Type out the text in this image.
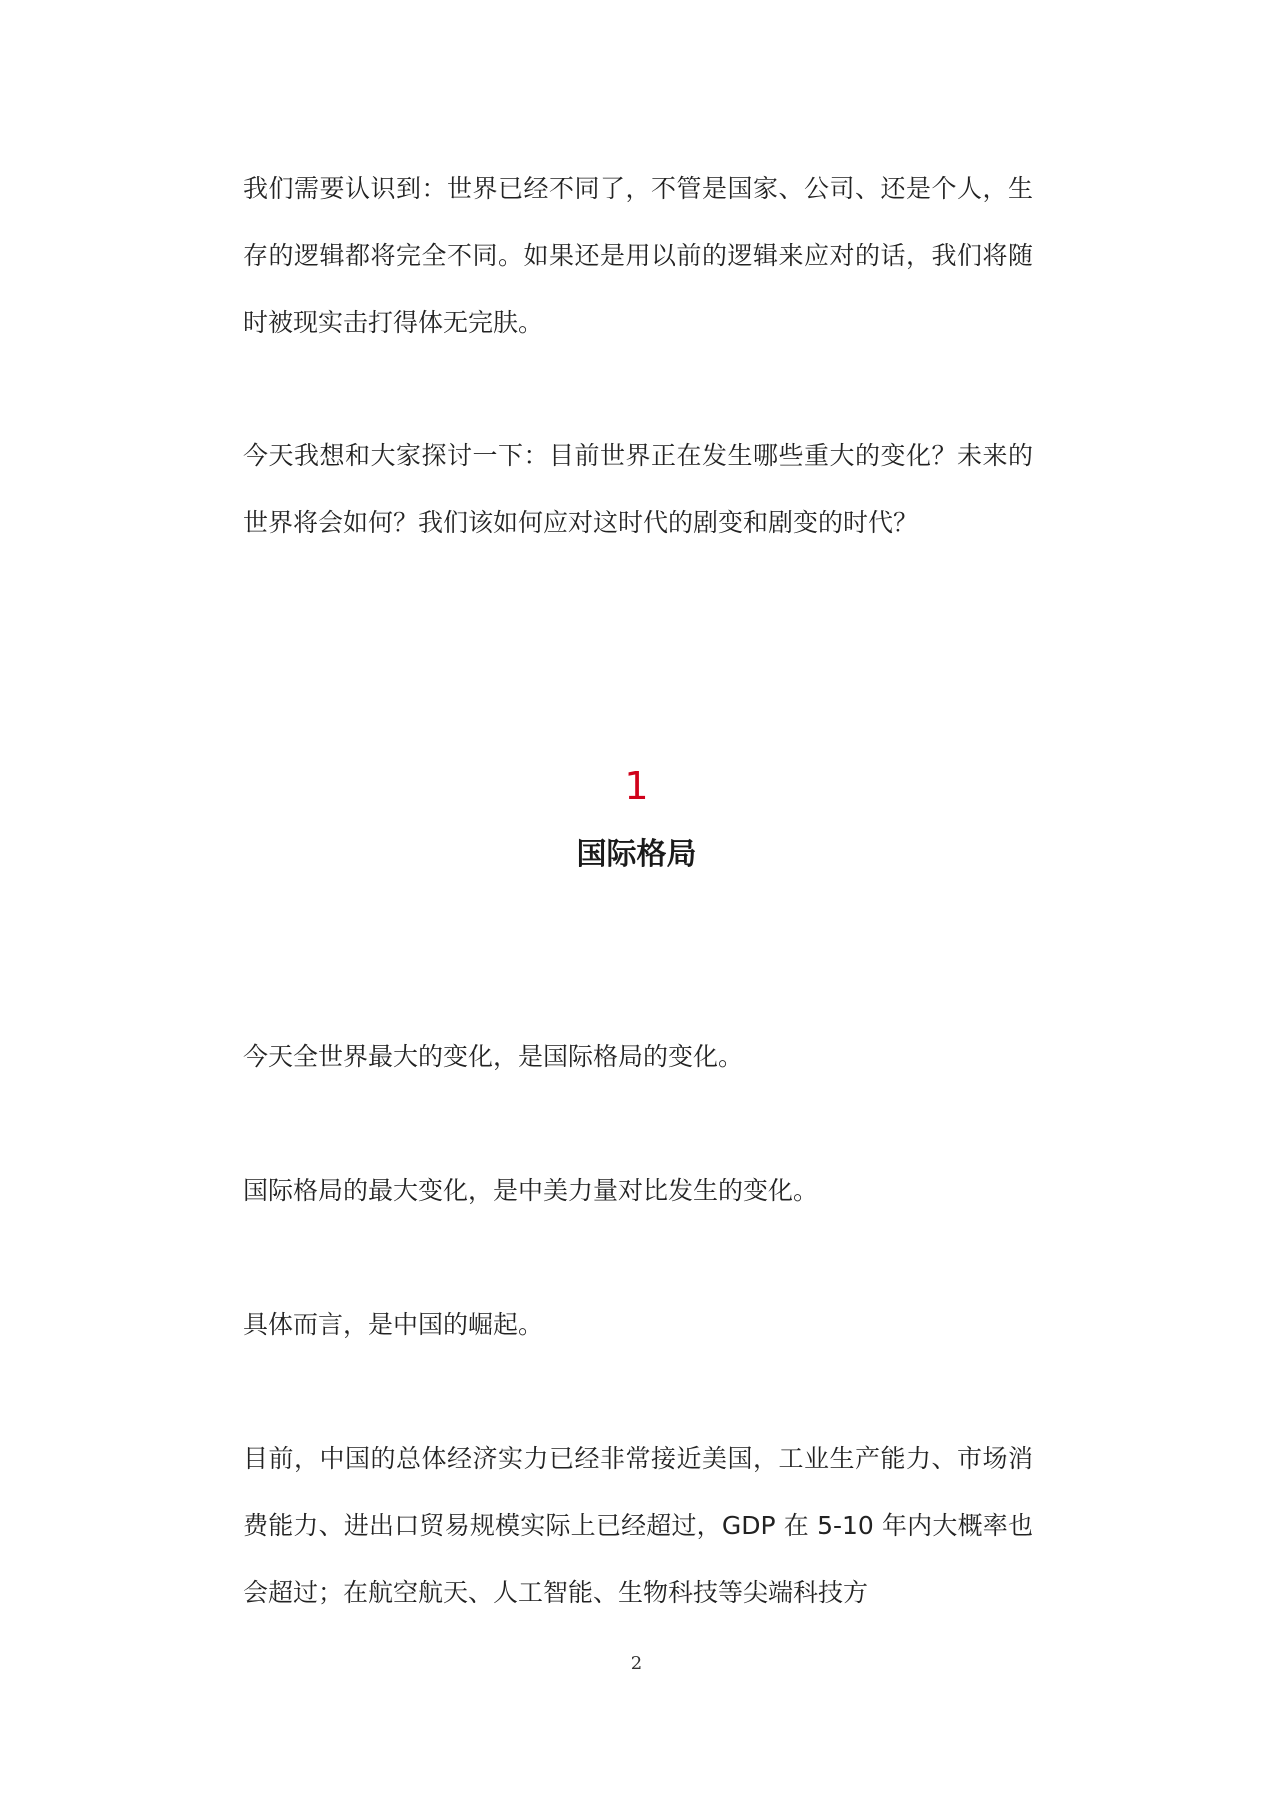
我们需要认识到：世界已经不同了，不管是国家、公司、还是个人，生存的逻辑都将完全不同。如果还是用以前的逻辑来应对的话，我们将随时被现实击打得体无完肤。

今天我想和大家探讨一下：目前世界正在发生哪些重大的变化？未来的世界将会如何？我们该如何应对这时代的剧变和剧变的时代？

1
国际格局

今天全世界最大的变化，是国际格局的变化。

国际格局的最大变化，是中美力量对比发生的变化。

具体而言，是中国的崛起。

目前，中国的总体经济实力已经非常接近美国，工业生产能力、市场消费能力、进出口贸易规模实际上已经超过，GDP 在 5-10 年内大概率也会超过；在航空航天、人工智能、生物科技等尖端科技方

2
